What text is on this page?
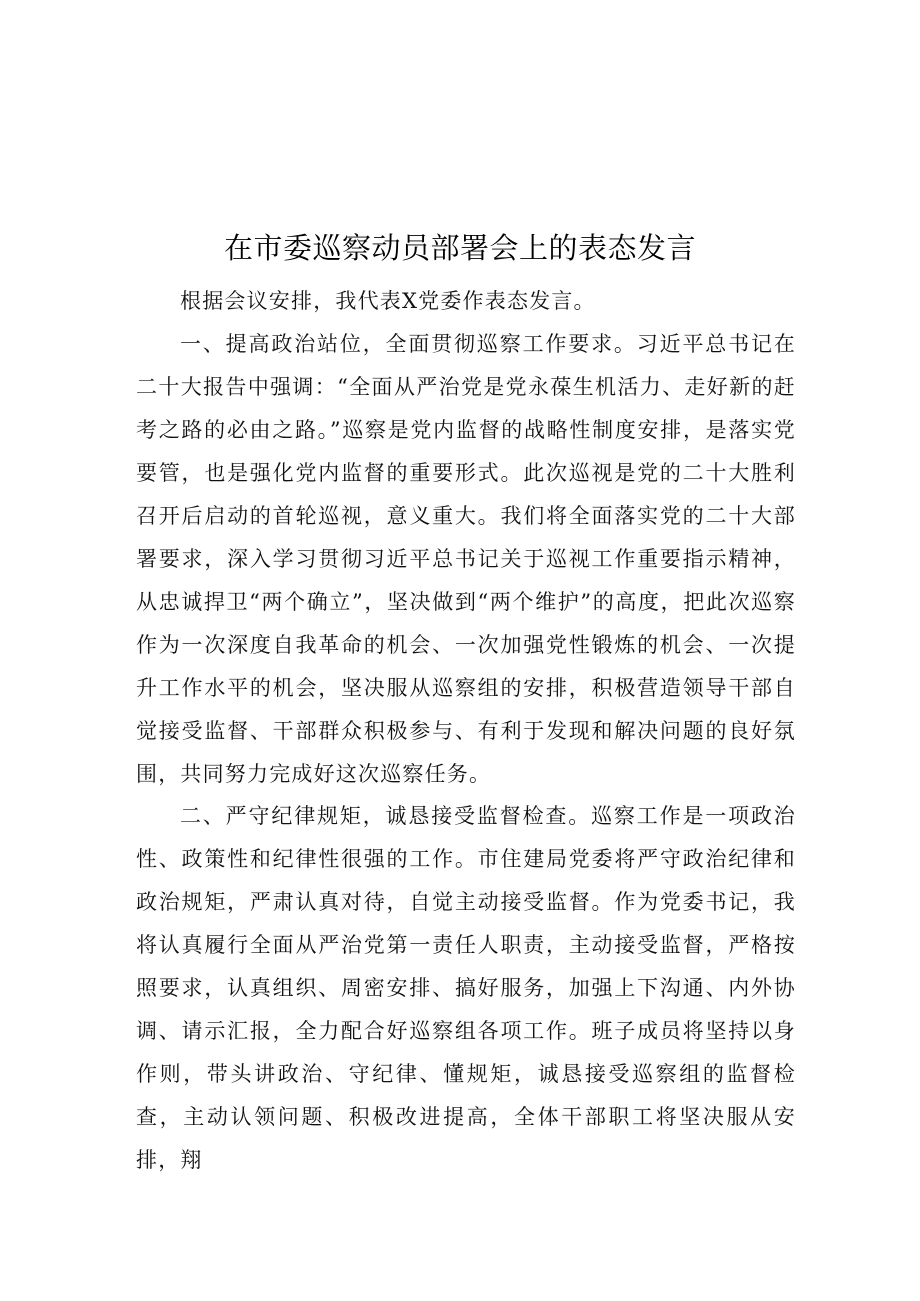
在市委巡察动员部署会上的表态发言

根据会议安排，我代表X党委作表态发言。

一、提高政治站位，全面贯彻巡察工作要求。习近平总书记在二十大报告中强调：“全面从严治党是党永葆生机活力、走好新的赶考之路的必由之路。”巡察是党内监督的战略性制度安排，是落实党要管，也是强化党内监督的重要形式。此次巡视是党的二十大胜利召开后启动的首轮巡视，意义重大。我们将全面落实党的二十大部署要求，深入学习贯彻习近平总书记关于巡视工作重要指示精神，从忠诚捍卫“两个确立”，坚决做到“两个维护”的高度，把此次巡察作为一次深度自我革命的机会、一次加强党性锻炼的机会、一次提升工作水平的机会，坚决服从巡察组的安排，积极营造领导干部自觉接受监督、干部群众积极参与、有利于发现和解决问题的良好氛围，共同努力完成好这次巡察任务。

二、严守纪律规矩，诚恳接受监督检查。巡察工作是一项政治性、政策性和纪律性很强的工作。市住建局党委将严守政治纪律和政治规矩，严肃认真对待，自觉主动接受监督。作为党委书记，我将认真履行全面从严治党第一责任人职责，主动接受监督，严格按照要求，认真组织、周密安排、搞好服务，加强上下沟通、内外协调、请示汇报，全力配合好巡察组各项工作。班子成员将坚持以身作则，带头讲政治、守纪律、懂规矩，诚恳接受巡察组的监督检查，主动认领问题、积极改进提高，全体干部职工将坚决服从安排，翔
